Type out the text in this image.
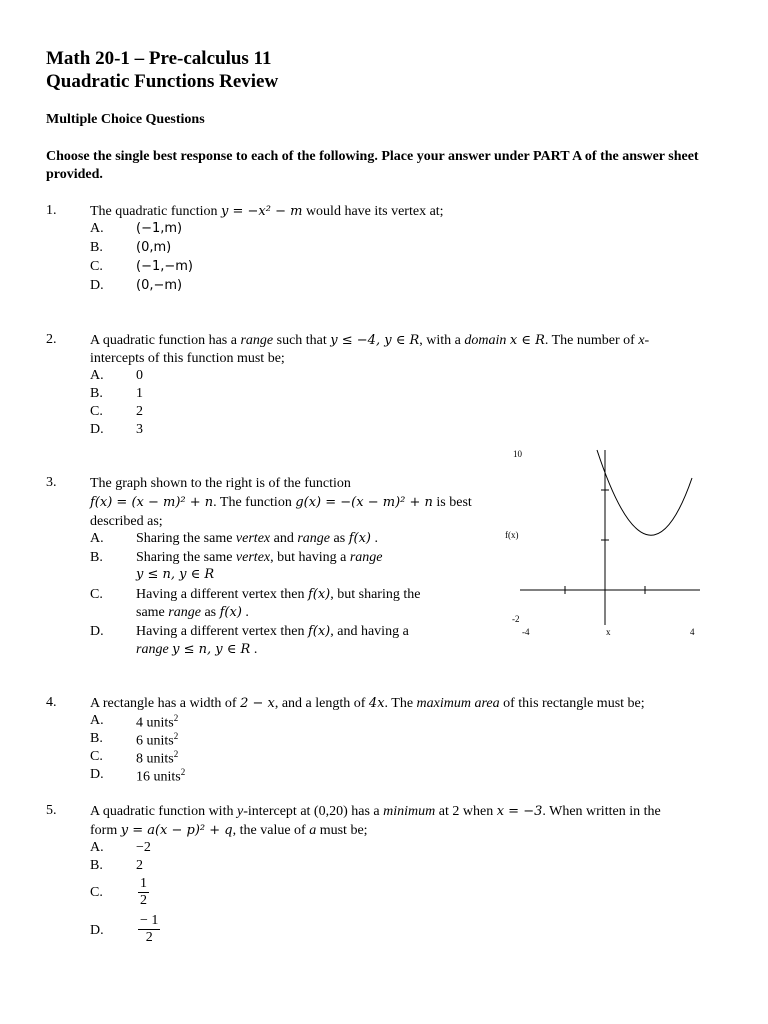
Math 20-1 – Pre-calculus 11
Quadratic Functions Review
Multiple Choice Questions
Choose the single best response to each of the following. Place your answer under PART A of the answer sheet provided.
1. The quadratic function y = −x² − m would have its vertex at;
A. (−1,m)
B.	(0,m)
C.	(−1,−m)
D. (0,−m)
2. A quadratic function has a range such that y ≤ −4, y ∈ R, with a domain x ∈ R. The number of x-
intercepts of this function must be;
A. 0
B. 1
C. 2
D. 3
3. The graph shown to the right is of the function
f(x) = (x − m)² + n. The function g(x) = −(x − m)² + n is best
described as;
A. Sharing the same vertex and range as f(x) .
B. Sharing the same vertex, but having a range
y ≤ n, y ∈ R
C. Having a different vertex then f(x), but sharing the
same range as f(x) .
D. Having a different vertex then f(x), and having a
range y ≤ n, y ∈ R .
10
f(x)
-2
-4	x	4
4. A rectangle has a width of 2 − x, and a length of 4x. The maximum area of this rectangle must be;
A. 4 units$^2$
B. 6 units$^2$
C. 8 units$^2$
D. 16 units$^2$
5. A quadratic function with y-intercept at (0,20) has a minimum at 2 when x = −3. When written in the
form y = a(x − p)² + q, the value of a must be;
A. −2
B. 2
C.	$\frac{1}{2}$
D. $\frac{- 1}{2}$
